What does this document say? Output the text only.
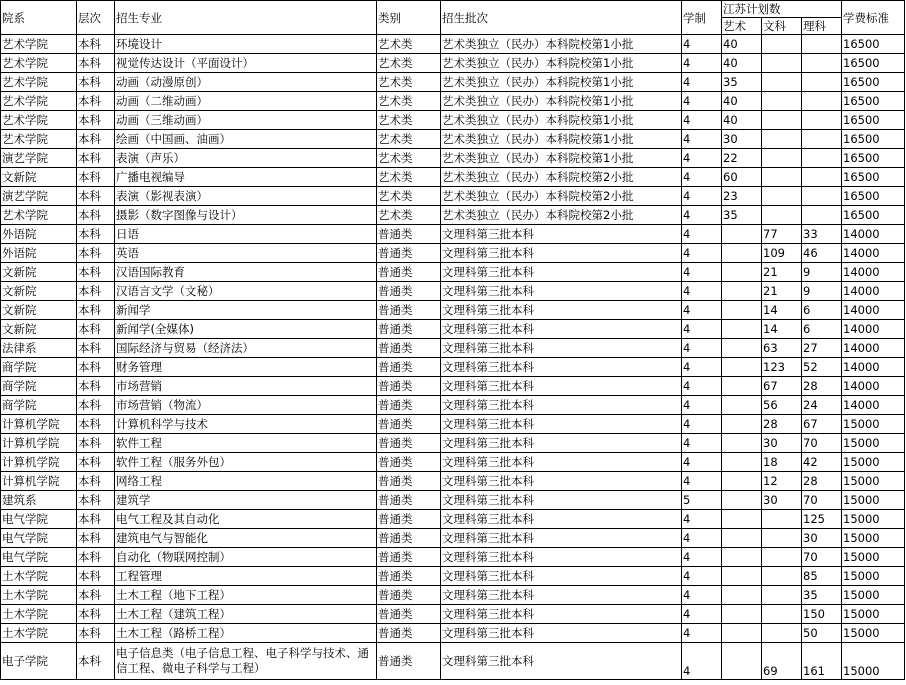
院系	层次	招生专业	类别	招生批次	学制	江苏计划数			学费标准
						艺术	文科	理科	
艺术学院	本科	环境设计	艺术类	艺术类独立（民办）本科院校第1小批	4	40			16500
艺术学院	本科	视觉传达设计（平面设计）	艺术类	艺术类独立（民办）本科院校第1小批	4	40			16500
艺术学院	本科	动画（动漫原创）	艺术类	艺术类独立（民办）本科院校第1小批	4	35			16500
艺术学院	本科	动画（二维动画）	艺术类	艺术类独立（民办）本科院校第1小批	4	40			16500
艺术学院	本科	动画（三维动画）	艺术类	艺术类独立（民办）本科院校第1小批	4	40			16500
艺术学院	本科	绘画（中国画、油画）	艺术类	艺术类独立（民办）本科院校第1小批	4	30			16500
演艺学院	本科	表演（声乐）	艺术类	艺术类独立（民办）本科院校第1小批	4	22			16500
文新院	本科	广播电视编导	艺术类	艺术类独立（民办）本科院校第2小批	4	60			16500
演艺学院	本科	表演（影视表演）	艺术类	艺术类独立（民办）本科院校第2小批	4	23			16500
艺术学院	本科	摄影（数字图像与设计）	艺术类	艺术类独立（民办）本科院校第2小批	4	35			16500
外语院	本科	日语	普通类	文理科第三批本科	4		77	33	14000
外语院	本科	英语	普通类	文理科第三批本科	4		109	46	14000
文新院	本科	汉语国际教育	普通类	文理科第三批本科	4		21	9	14000
文新院	本科	汉语言文学（文秘）	普通类	文理科第三批本科	4		21	9	14000
文新院	本科	新闻学	普通类	文理科第三批本科	4		14	6	14000
文新院	本科	新闻学(全媒体)	普通类	文理科第三批本科	4		14	6	14000
法律系	本科	国际经济与贸易（经济法）	普通类	文理科第三批本科	4		63	27	14000
商学院	本科	财务管理	普通类	文理科第三批本科	4		123	52	14000
商学院	本科	市场营销	普通类	文理科第三批本科	4		67	28	14000
商学院	本科	市场营销（物流）	普通类	文理科第三批本科	4		56	24	14000
计算机学院	本科	计算机科学与技术	普通类	文理科第三批本科	4		28	67	15000
计算机学院	本科	软件工程	普通类	文理科第三批本科	4		30	70	15000
计算机学院	本科	软件工程（服务外包）	普通类	文理科第三批本科	4		18	42	15000
计算机学院	本科	网络工程	普通类	文理科第三批本科	4		12	28	15000
建筑系	本科	建筑学	普通类	文理科第三批本科	5		30	70	15000
电气学院	本科	电气工程及其自动化	普通类	文理科第三批本科	4			125	15000
电气学院	本科	建筑电气与智能化	普通类	文理科第三批本科	4			30	15000
电气学院	本科	自动化（物联网控制）	普通类	文理科第三批本科	4			70	15000
土木学院	本科	工程管理	普通类	文理科第三批本科	4			85	15000
土木学院	本科	土木工程（地下工程）	普通类	文理科第三批本科	4			35	15000
土木学院	本科	土木工程（建筑工程）	普通类	文理科第三批本科	4			150	15000
土木学院	本科	土木工程（路桥工程）	普通类	文理科第三批本科	4			50	15000
电子学院	本科	电子信息类（电子信息工程、电子科学与技术、通信工程、微电子科学与工程）	普通类	文理科第三批本科	4		69	161	15000
